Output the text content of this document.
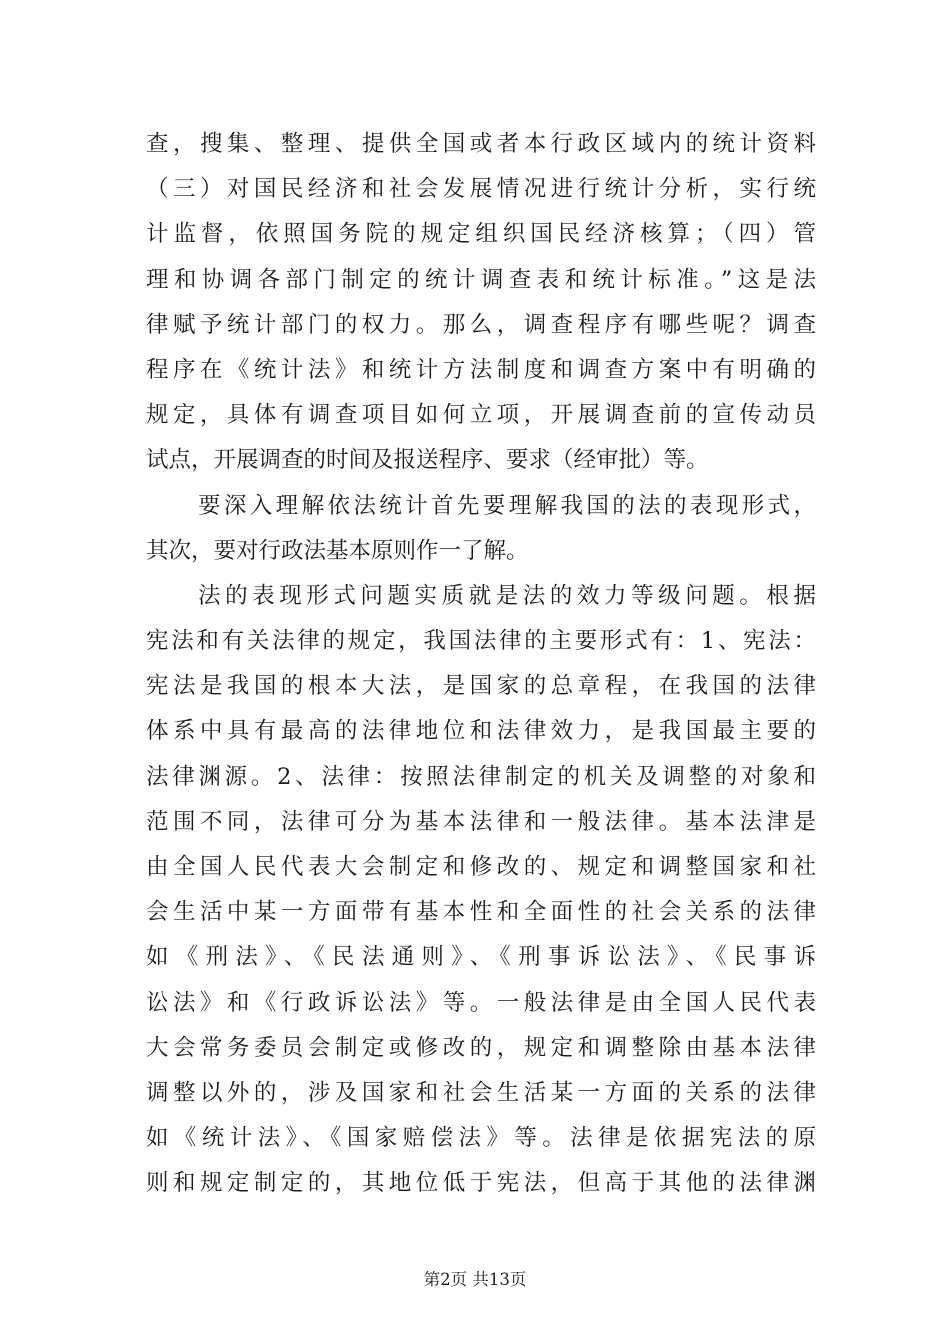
查，搜集、整理、提供全国或者本行政区域内的统计资料
（三）对国民经济和社会发展情况进行统计分析，实行统
计监督，依照国务院的规定组织国民经济核算；（四）管
理和协调各部门制定的统计调查表和统计标准。”这是法
律赋予统计部门的权力。那么，调查程序有哪些呢？调查
程序在《统计法》和统计方法制度和调查方案中有明确的
规定，具体有调查项目如何立项，开展调查前的宣传动员
试点，开展调查的时间及报送程序、要求（经审批）等。
要深入理解依法统计首先要理解我国的法的表现形式，
其次，要对行政法基本原则作一了解。
法的表现形式问题实质就是法的效力等级问题。根据
宪法和有关法律的规定，我国法律的主要形式有：1、宪法：
宪法是我国的根本大法，是国家的总章程，在我国的法律
体系中具有最高的法律地位和法律效力，是我国最主要的
法律渊源。2、法律：按照法律制定的机关及调整的对象和
范围不同，法律可分为基本法律和一般法律。基本法津是
由全国人民代表大会制定和修改的、规定和调整国家和社
会生活中某一方面带有基本性和全面性的社会关系的法律
如《刑法》、《民法通则》、《刑事诉讼法》、《民事诉
讼法》和《行政诉讼法》等。一般法律是由全国人民代表
大会常务委员会制定或修改的，规定和调整除由基本法律
调整以外的，涉及国家和社会生活某一方面的关系的法律
如《统计法》、《国家赔偿法》等。法律是依据宪法的原
则和规定制定的，其地位低于宪法，但高于其他的法律渊
第2页 共13页
